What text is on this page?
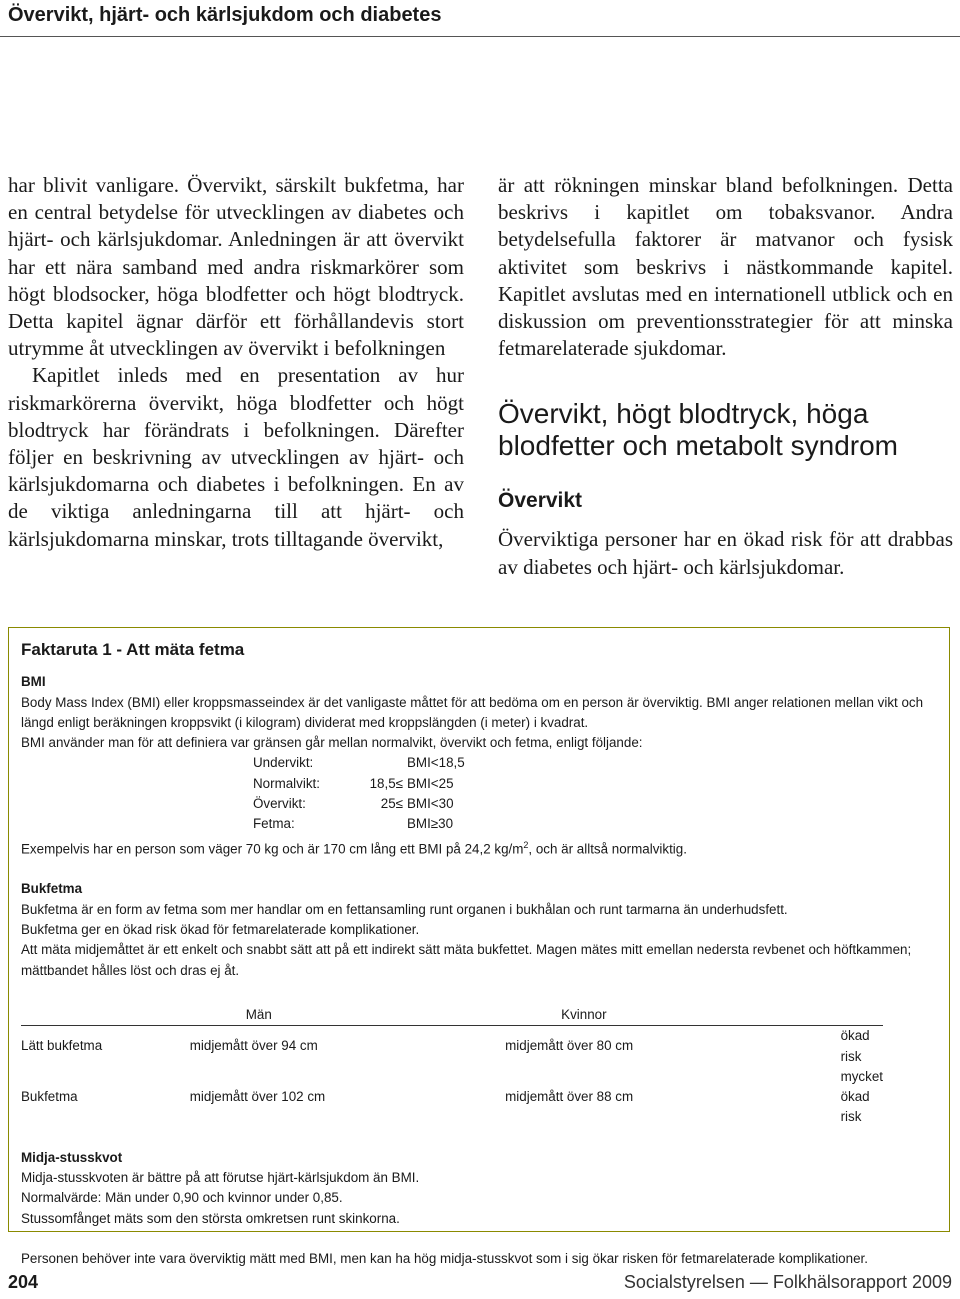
Övervikt, hjärt- och kärlsjukdom och diabetes

har blivit vanligare. Övervikt, särskilt bukfetma, har en central betydelse för utvecklingen av diabetes och hjärt- och kärlsjukdomar. Anledningen är att övervikt har ett nära samband med andra riskmarkörer som högt blodsocker, höga blodfetter och högt blodtryck. Detta kapitel ägnar därför ett förhållandevis stort utrymme åt utvecklingen av övervikt i befolkningen

Kapitlet inleds med en presentation av hur riskmarkörerna övervikt, höga blodfetter och högt blodtryck har förändrats i befolkningen. Därefter följer en beskrivning av utvecklingen av hjärt- och kärlsjukdomarna och diabetes i befolkningen. En av de viktiga anledningarna till att hjärt- och kärlsjukdomarna minskar, trots tilltagande övervikt,

är att rökningen minskar bland befolkningen. Detta beskrivs i kapitlet om tobaksvanor. Andra betydelsefulla faktorer är matvanor och fysisk aktivitet som beskrivs i nästkommande kapitel. Kapitlet avslutas med en internationell utblick och en diskussion om preventionsstrategier för att minska fetmarelaterade sjukdomar.

Övervikt, högt blodtryck, höga blodfetter och metabolt syndrom
Övervikt

Överviktiga personer har en ökad risk för att drabbas av diabetes och hjärt- och kärlsjukdomar.

Faktaruta 1 - Att mäta fetma

BMI

Body Mass Index (BMI) eller kroppsmasseindex är det vanligaste måttet för att bedöma om en person är överviktig. BMI anger relationen mellan vikt och längd enligt beräkningen kroppsvikt (i kilogram) dividerat med kroppslängden (i meter) i kvadrat.

BMI använder man för att definiera var gränsen går mellan normalvikt, övervikt och fetma, enligt följande:

Undervikt:		BMI<18,5
Normalvikt:	18,5≤	BMI<25
Övervikt:	25≤	BMI<30
Fetma:		BMI≥30

Exempelvis har en person som väger 70 kg och är 170 cm lång ett BMI på 24,2 $kg/m^2$, och är alltså normalviktig.

Bukfetma

Bukfetma är en form av fetma som mer handlar om en fettansamling runt organen i bukhålan och runt tarmarna än underhudsfett.

Bukfetma ger en ökad risk ökad för fetmarelaterade komplikationer.

Att mäta midjemåttet är ett enkelt och snabbt sätt att på ett indirekt sätt mäta bukfettet. Magen mätes mitt emellan nedersta revbenet och höftkammen; mättbandet hålles löst och dras ej åt.

	Män	Kvinnor	
Lätt bukfetma	midjemått över 94 cm	midjemått över 80 cm	ökad risk
Bukfetma	midjemått över 102 cm	midjemått över 88 cm	mycket ökad risk

Midja-stusskvot

Midja-stusskvoten är bättre på att förutse hjärt-kärlsjukdom än BMI.

Normalvärde: Män under 0,90 och kvinnor under 0,85.

Stussomfånget mäts som den största omkretsen runt skinkorna.

Personen behöver inte vara överviktig mätt med BMI, men kan ha hög midja-stusskvot som i sig ökar risken för fetmarelaterade komplikationer.

204	Socialstyrelsen — Folkhälsorapport 2009
